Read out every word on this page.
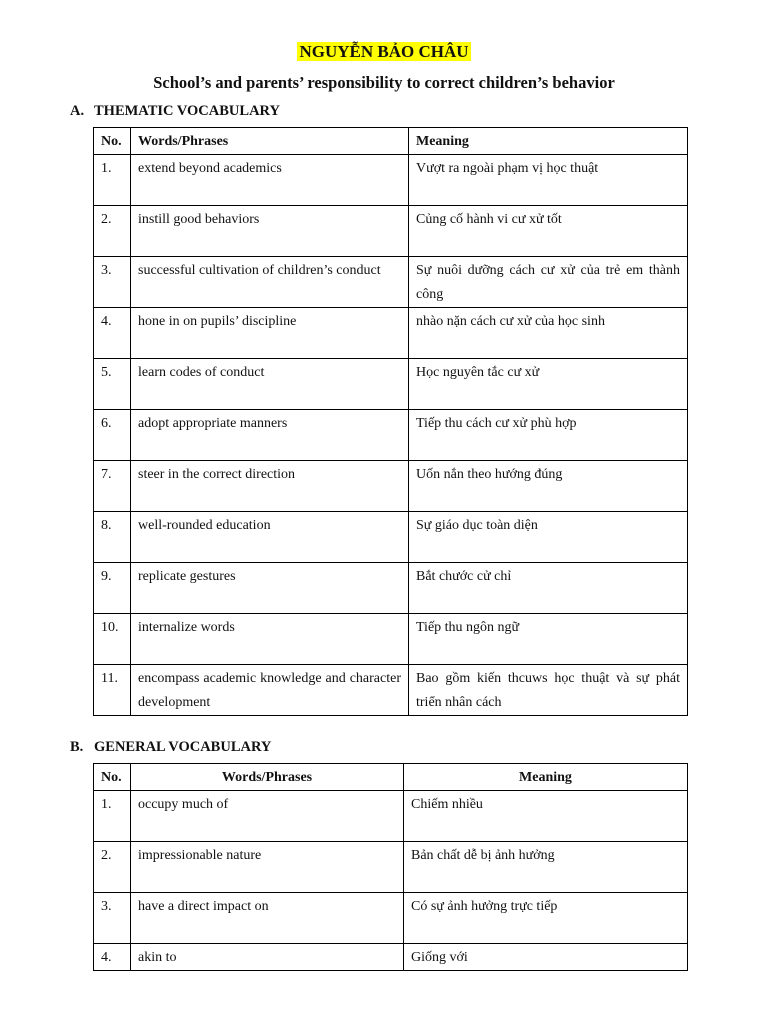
NGUYỄN BẢO CHÂU
School’s and parents’ responsibility to correct children’s behavior
A. THEMATIC VOCABULARY
No.	Words/Phrases	Meaning
1.	extend beyond academics	Vượt ra ngoài phạm vị học thuật
2.	instill good behaviors	Củng cố hành vi cư xử tốt
3.	successful cultivation of children’s conduct	Sự nuôi dưỡng cách cư xử của trẻ em thành công
4.	hone in on pupils’ discipline	nhào nặn cách cư xử của học sinh
5.	learn codes of conduct	Học nguyên tắc cư xử
6.	adopt appropriate manners	Tiếp thu cách cư xử phù hợp
7.	steer in the correct direction	Uốn nắn theo hướng đúng
8.	well-rounded education	Sự giáo dục toàn diện
9.	replicate gestures	Bắt chước cử chỉ
10.	internalize words	Tiếp thu ngôn ngữ
11.	encompass academic knowledge and character development	Bao gồm kiến thcuws học thuật và sự phát triển nhân cách
B. GENERAL VOCABULARY
No.	Words/Phrases	Meaning
1.	occupy much of	Chiếm nhiều
2.	impressionable nature	Bản chất dễ bị ảnh hưởng
3.	have a direct impact on	Có sự ảnh hưởng trực tiếp
4.	akin to	Giống với
